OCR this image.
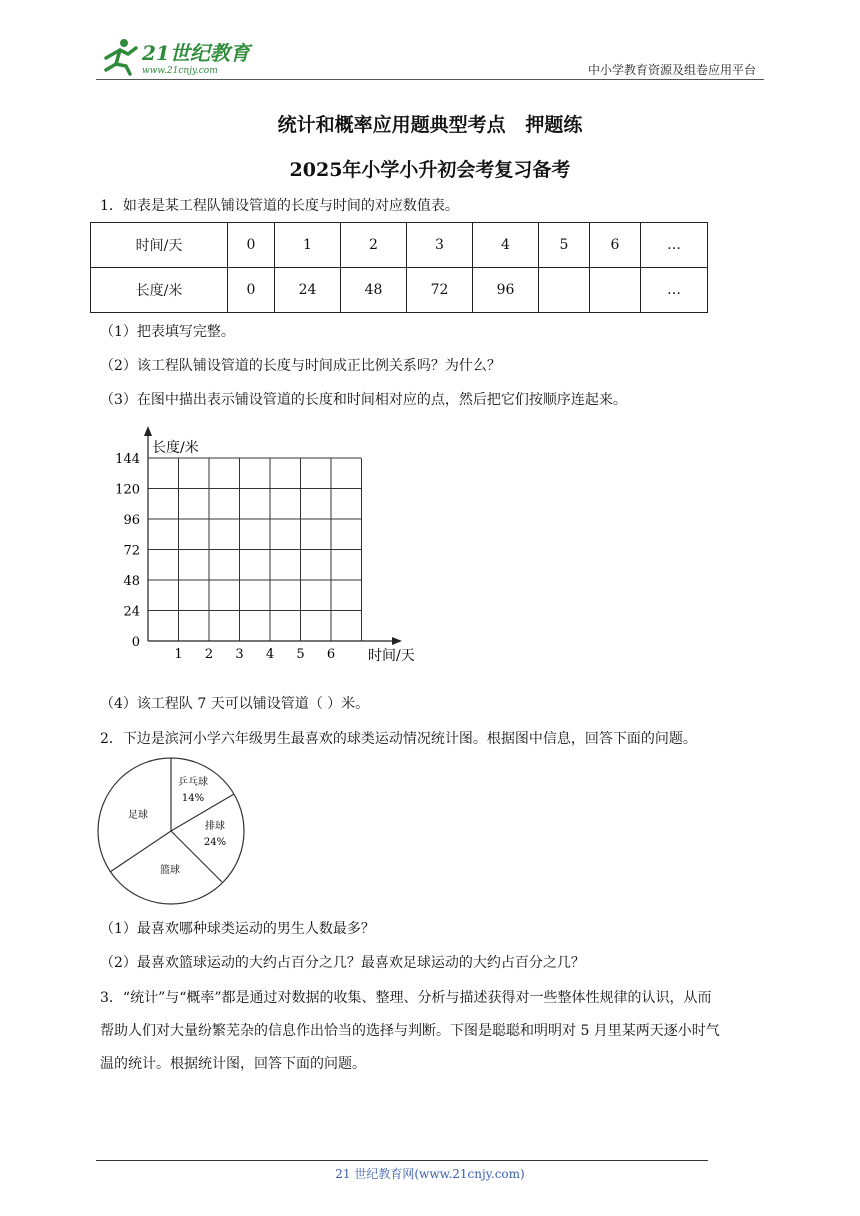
21世纪教育
www.21cnjy.com	中小学教育资源及组卷应用平台
统计和概率应用题典型考点   押题练
2025年小学小升初会考复习备考
1．如表是某工程队铺设管道的长度与时间的对应数值表。
时间/天	0	1	2	3	4	5	6	…
长度/米	0	24	48	72	96			…
（1）把表填写完整。
（2）该工程队铺设管道的长度与时间成正比例关系吗？为什么？
（3）在图中描出表示铺设管道的长度和时间相对应的点，然后把它们按顺序连起来。
长度/米
时间/天
0
24
48
72
96
120
144
1 2 3 4 5 6
（4）该工程队 7 天可以铺设管道（ ）米。
2．下边是滨河小学六年级男生最喜欢的球类运动情况统计图。根据图中信息，回答下面的问题。
乒乓球
14%
排球
24%
篮球
足球
（1）最喜欢哪种球类运动的男生人数最多？
（2）最喜欢篮球运动的大约占百分之几？最喜欢足球运动的大约占百分之几？
3．“统计”与“概率”都是通过对数据的收集、整理、分析与描述获得对一些整体性规律的认识，从而
帮助人们对大量纷繁芜杂的信息作出恰当的选择与判断。下图是聪聪和明明对 5 月里某两天逐小时气
温的统计。根据统计图，回答下面的问题。
21 世纪教育网(www.21cnjy.com)
